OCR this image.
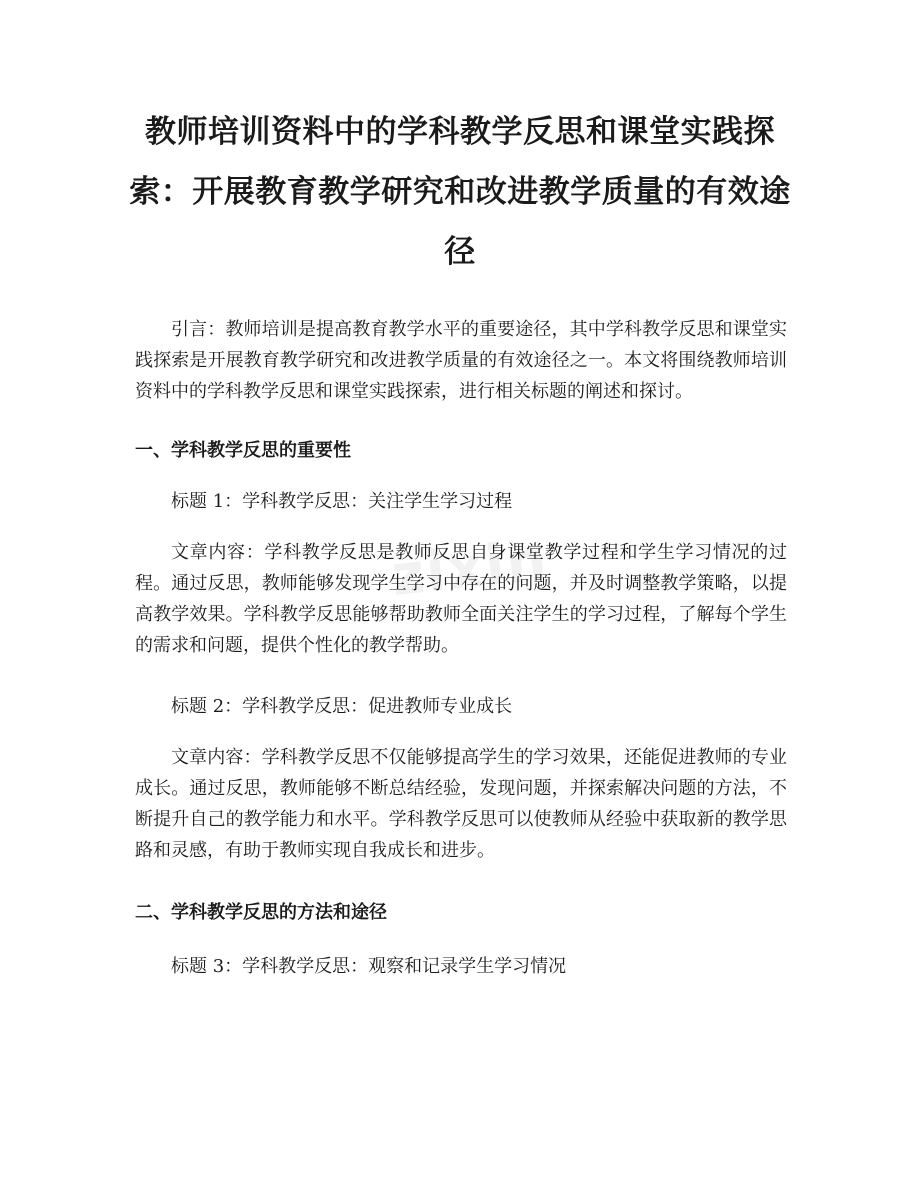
教师培训资料中的学科教学反思和课堂实践探索：开展教育教学研究和改进教学质量的有效途径

引言：教师培训是提高教育教学水平的重要途径，其中学科教学反思和课堂实践探索是开展教育教学研究和改进教学质量的有效途径之一。本文将围绕教师培训资料中的学科教学反思和课堂实践探索，进行相关标题的阐述和探讨。

一、学科教学反思的重要性

标题 1：学科教学反思：关注学生学习过程

文章内容：学科教学反思是教师反思自身课堂教学过程和学生学习情况的过程。通过反思，教师能够发现学生学习中存在的问题，并及时调整教学策略，以提高教学效果。学科教学反思能够帮助教师全面关注学生的学习过程，了解每个学生的需求和问题，提供个性化的教学帮助。

标题 2：学科教学反思：促进教师专业成长

文章内容：学科教学反思不仅能够提高学生的学习效果，还能促进教师的专业成长。通过反思，教师能够不断总结经验，发现问题，并探索解决问题的方法，不断提升自己的教学能力和水平。学科教学反思可以使教师从经验中获取新的教学思路和灵感，有助于教师实现自我成长和进步。

二、学科教学反思的方法和途径

标题 3：学科教学反思：观察和记录学生学习情况

zixin
